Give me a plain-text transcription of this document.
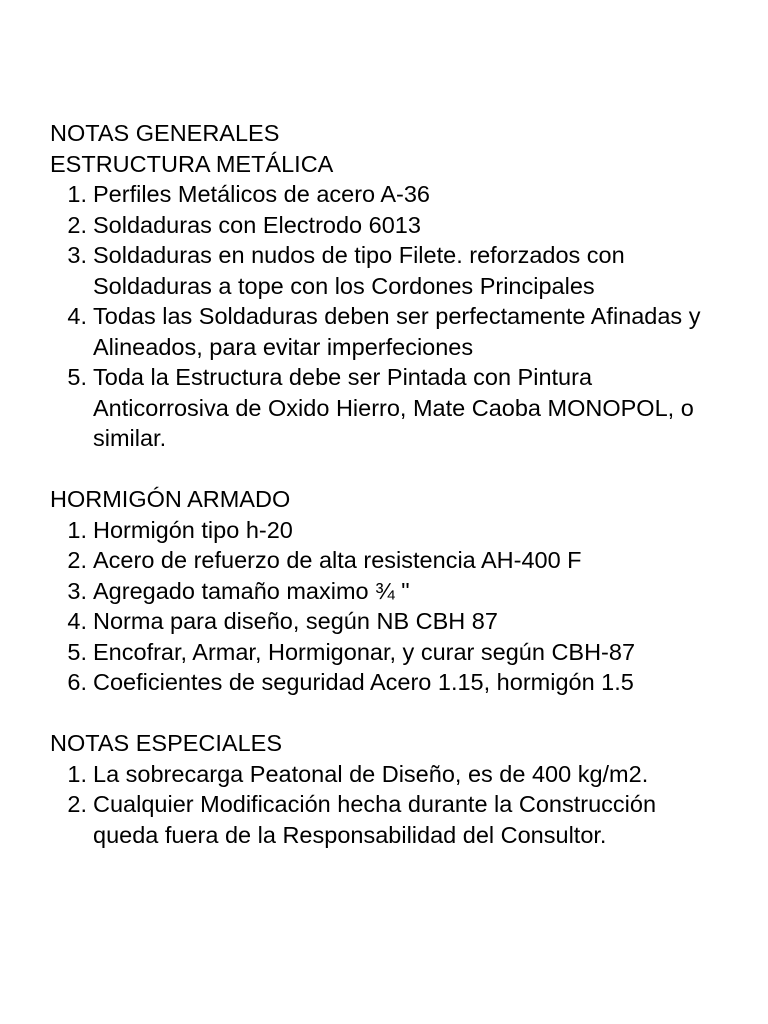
NOTAS GENERALES

ESTRUCTURA METÁLICA

1. Perfiles Metálicos de acero A-36
2. Soldaduras con Electrodo 6013
3. Soldaduras en nudos de tipo Filete. reforzados con Soldaduras a tope con los Cordones Principales
4. Todas las Soldaduras deben ser perfectamente Afinadas y Alineados, para evitar imperfeciones
5. Toda la Estructura debe ser Pintada con Pintura Anticorrosiva de Oxido Hierro, Mate Caoba MONOPOL, o similar.

HORMIGÓN ARMADO

1. Hormigón tipo h-20
2. Acero de refuerzo de alta resistencia AH-400 F
3. Agregado tamaño maximo ¾ "
4. Norma para diseño, según NB CBH 87
5. Encofrar, Armar, Hormigonar, y curar según CBH-87
6. Coeficientes de seguridad Acero 1.15, hormigón 1.5

NOTAS ESPECIALES

1. La sobrecarga Peatonal de Diseño, es de 400 kg/m2.
2. Cualquier Modificación hecha durante la Construcción queda fuera de la Responsabilidad del Consultor.
